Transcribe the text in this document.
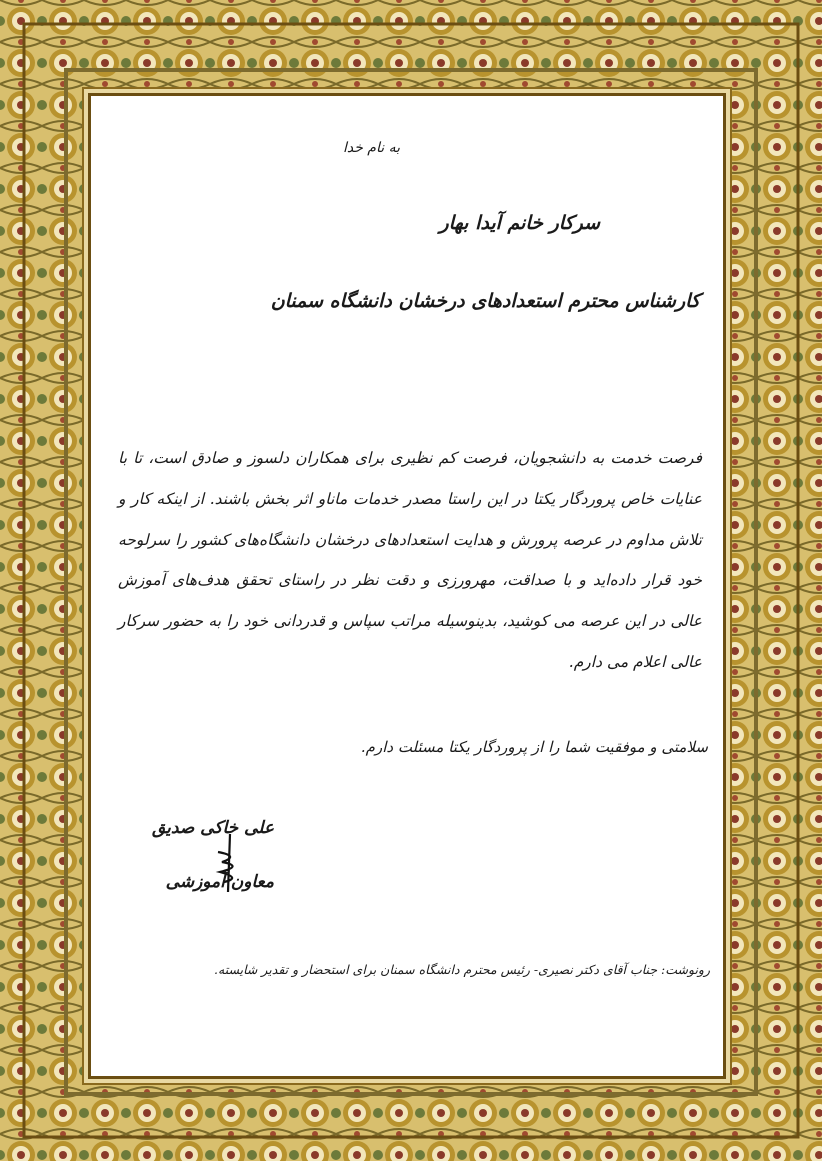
به نام خدا
سرکار خانم آیدا بهار
کارشناس محترم استعدادهای درخشان دانشگاه سمنان
فرصت خدمت به دانشجویان، فرصت کم نظیری برای همکاران دلسوز و صادق است، تا با عنایات خاص پروردگار یکتا در این راستا مصدر خدمات ماناو اثر بخش باشند. از اینکه کار و تلاش مداوم در عرصه پرورش و هدایت استعدادهای درخشان دانشگاه‌های کشور را سرلوحه خود قرار داده‌اید و با صداقت، مهرورزی و دقت نظر در راستای تحقق هدف‌های آموزش عالی در این عرصه می کوشید، بدینوسیله مراتب سپاس و قدردانی خود را به حضور سرکار عالی اعلام می دارم.
سلامتی و موفقیت شما را از پروردگار یکتا مسئلت دارم.
علی خاکی صدیق
معاون آموزشی
رونوشت: جناب آقای دکتر نصیری- رئیس محترم دانشگاه سمنان برای استحضار و تقدیر شایسته.
